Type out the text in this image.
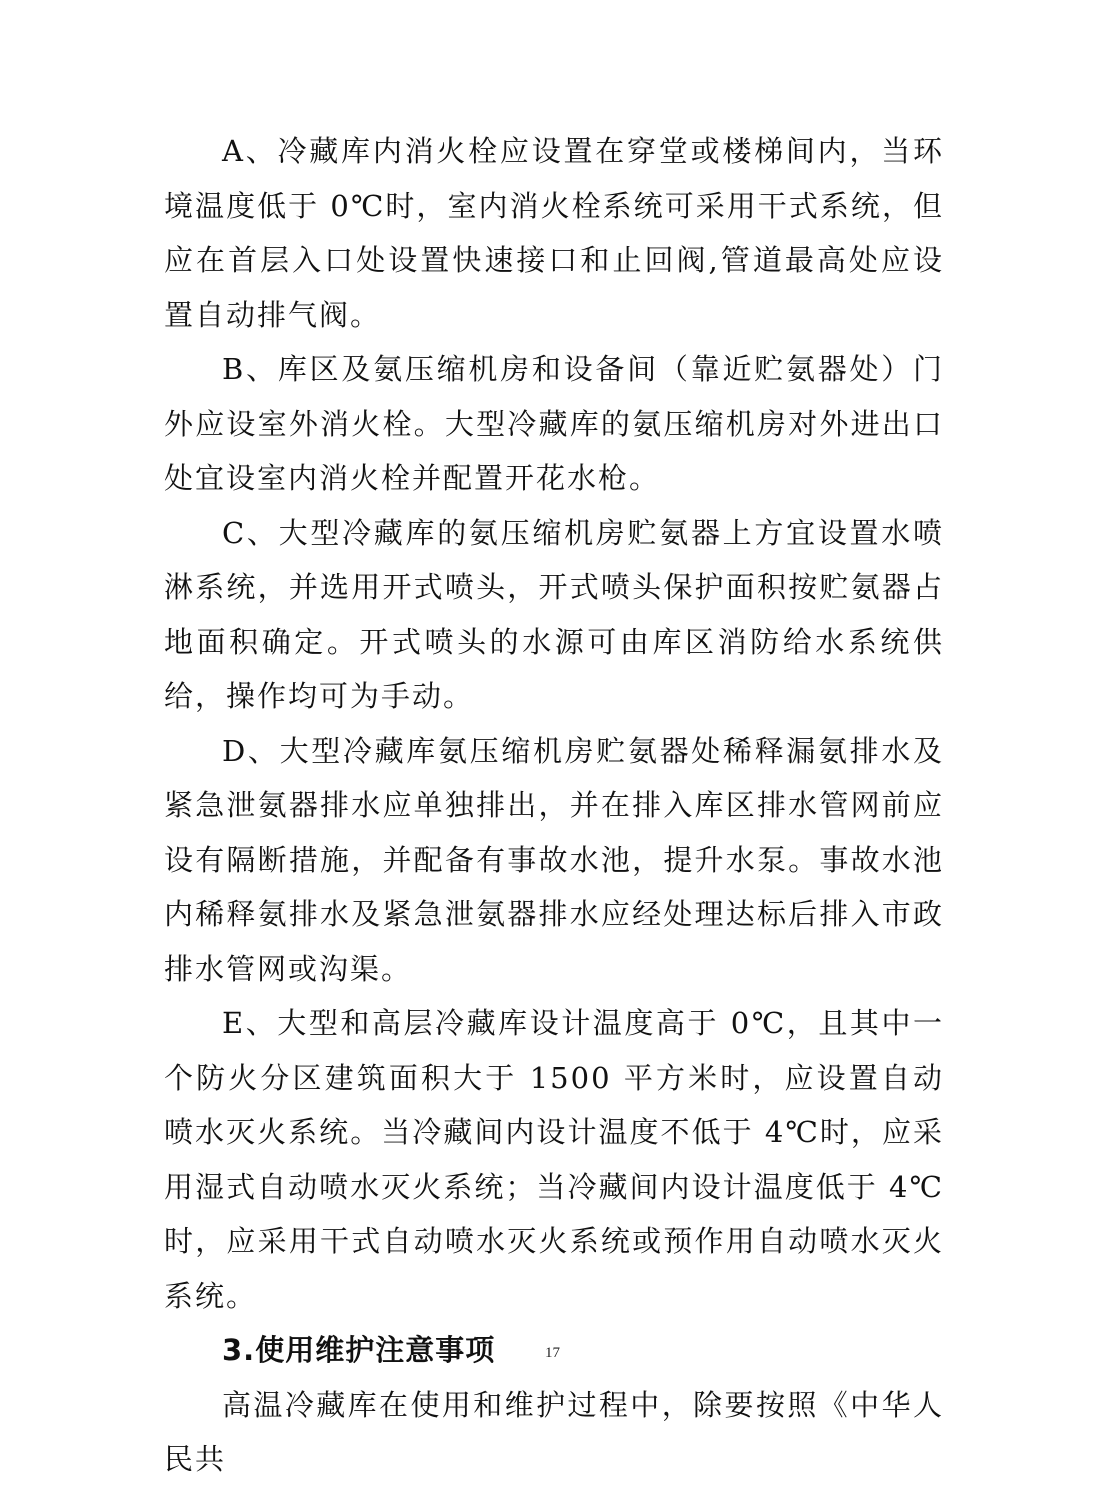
A、冷藏库内消火栓应设置在穿堂或楼梯间内，当环境温度低于 0℃时，室内消火栓系统可采用干式系统，但应在首层入口处设置快速接口和止回阀,管道最高处应设置自动排气阀。

B、库区及氨压缩机房和设备间（靠近贮氨器处）门外应设室外消火栓。大型冷藏库的氨压缩机房对外进出口处宜设室内消火栓并配置开花水枪。

C、大型冷藏库的氨压缩机房贮氨器上方宜设置水喷淋系统，并选用开式喷头，开式喷头保护面积按贮氨器占地面积确定。开式喷头的水源可由库区消防给水系统供给，操作均可为手动。

D、大型冷藏库氨压缩机房贮氨器处稀释漏氨排水及紧急泄氨器排水应单独排出，并在排入库区排水管网前应设有隔断措施，并配备有事故水池，提升水泵。事故水池内稀释氨排水及紧急泄氨器排水应经处理达标后排入市政排水管网或沟渠。

E、大型和高层冷藏库设计温度高于 0℃，且其中一个防火分区建筑面积大于 1500 平方米时，应设置自动喷水灭火系统。当冷藏间内设计温度不低于 4℃时，应采用湿式自动喷水灭火系统；当冷藏间内设计温度低于 4℃时，应采用干式自动喷水灭火系统或预作用自动喷水灭火系统。

3.使用维护注意事项

高温冷藏库在使用和维护过程中，除要按照《中华人民共

17
